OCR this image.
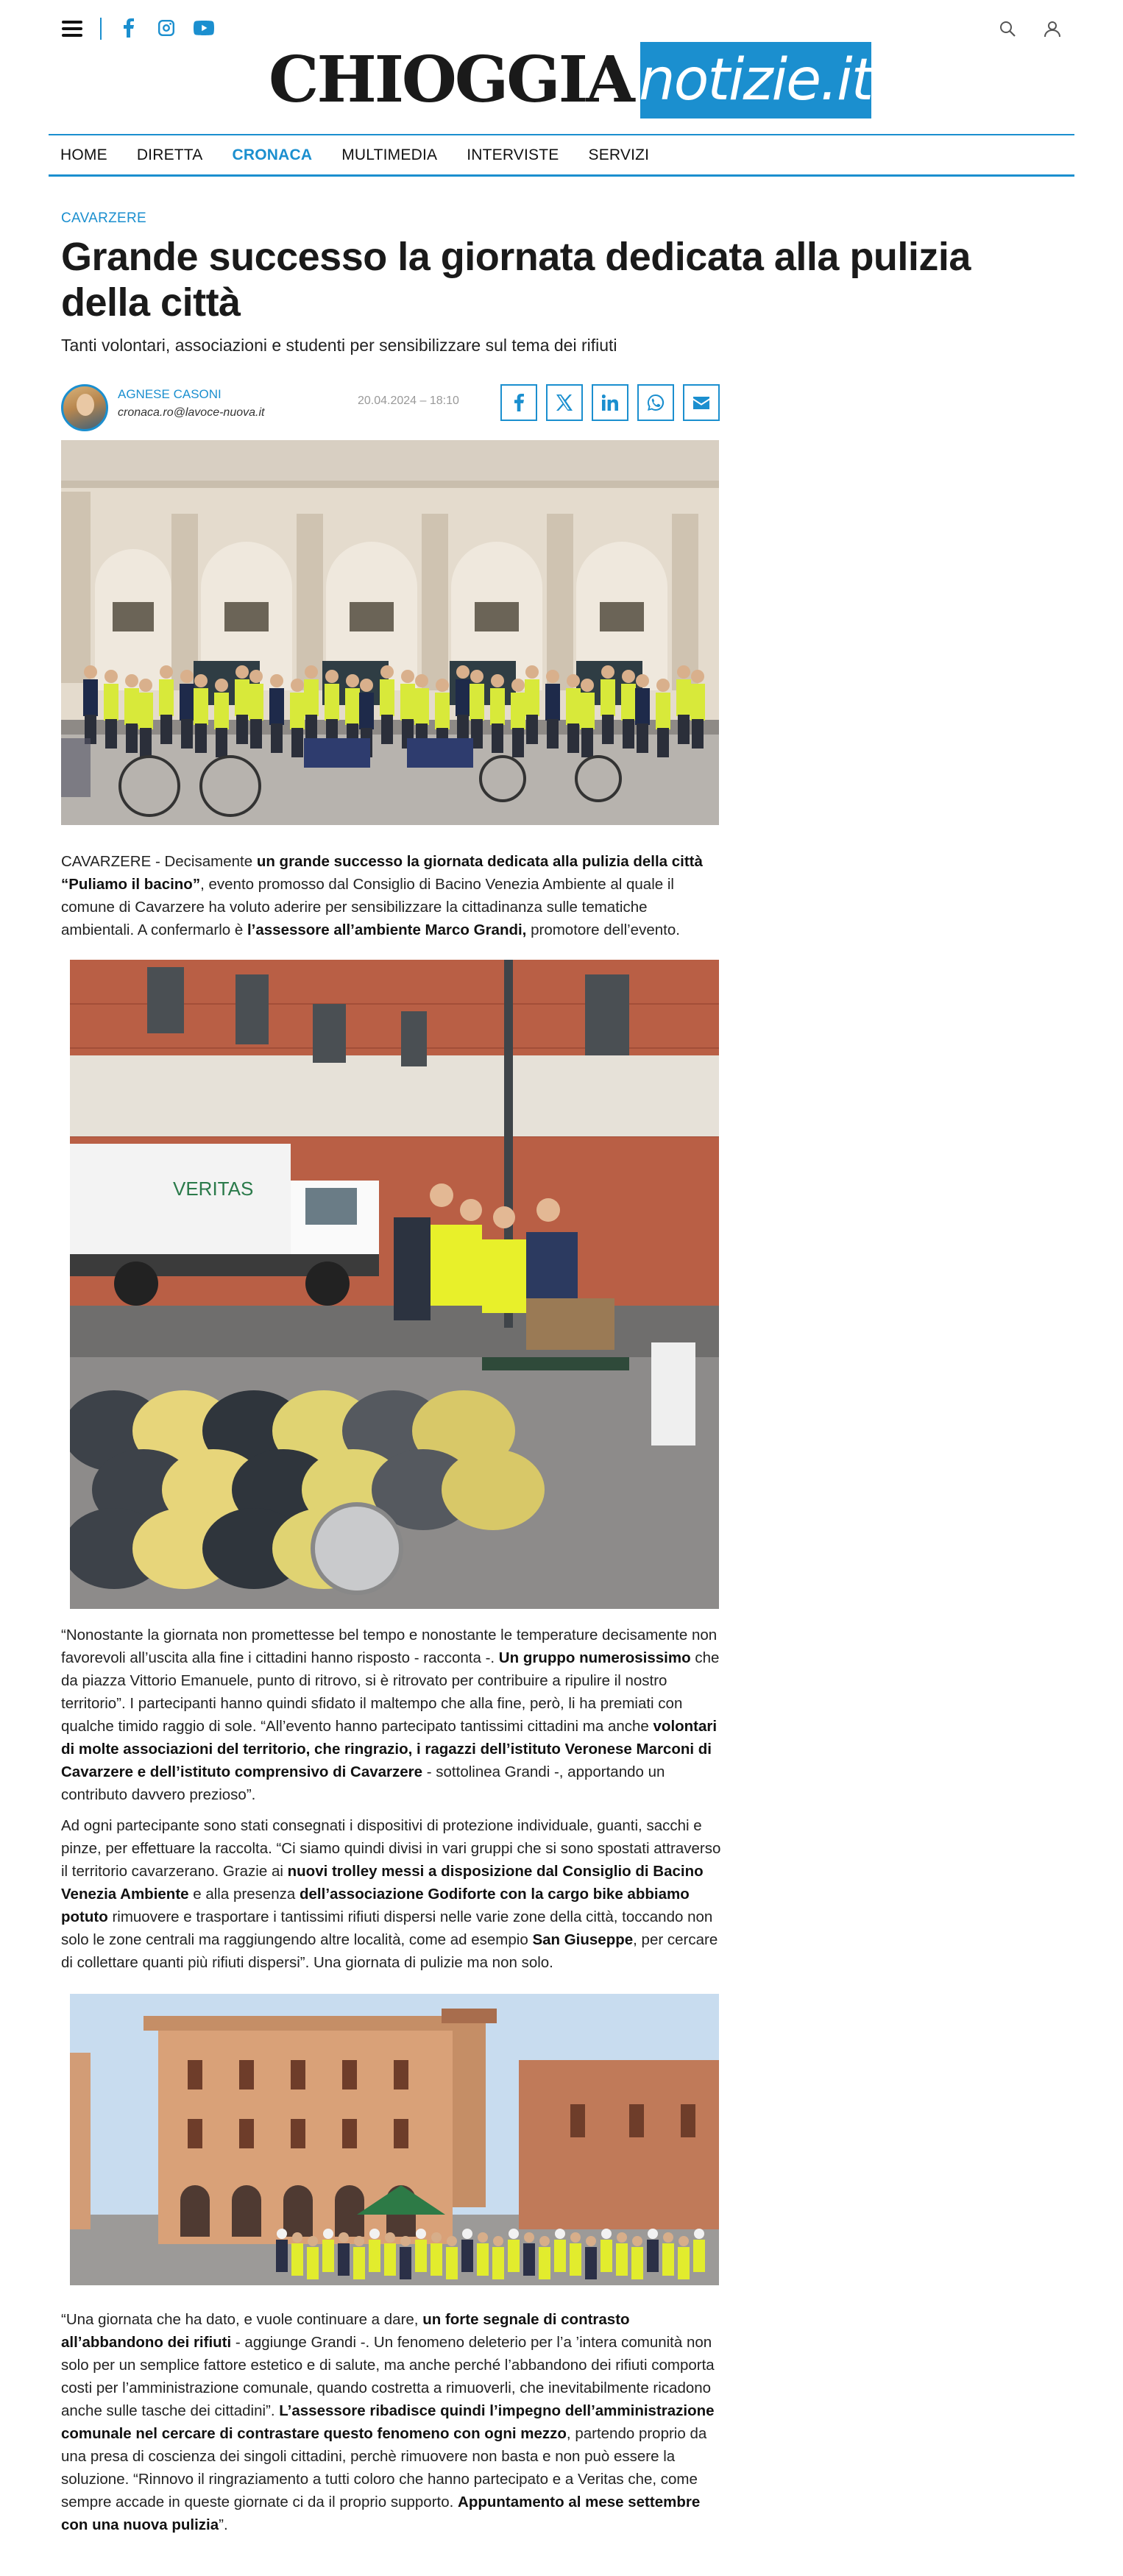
CHIOGGIA notizie.it
HOME DIRETTA CRONACA MULTIMEDIA INTERVISTE SERVIZI
CAVARZERE
Grande successo la giornata dedicata alla pulizia della città

Tanti volontari, associazioni e studenti per sensibilizzare sul tema dei rifiuti

AGNESE CASONI
cronaca.ro@lavoce-nuova.it
20.04.2024 – 18:10
CAVARZERE - Decisamente un grande successo la giornata dedicata alla pulizia della città “Puliamo il bacino”, evento promosso dal Consiglio di Bacino Venezia Ambiente al quale il comune di Cavarzere ha voluto aderire per sensibilizzare la cittadinanza sulle tematiche ambientali. A confermarlo è l’assessore all’ambiente Marco Grandi, promotore dell’evento.
VERITAS
“Nonostante la giornata non promettesse bel tempo e nonostante le temperature decisamente non favorevoli all’uscita alla fine i cittadini hanno risposto - racconta -. Un gruppo numerosissimo che da piazza Vittorio Emanuele, punto di ritrovo, si è ritrovato per contribuire a ripulire il nostro territorio”. I partecipanti hanno quindi sfidato il maltempo che alla fine, però, li ha premiati con qualche timido raggio di sole. “All’evento hanno partecipato tantissimi cittadini ma anche volontari di molte associazioni del territorio, che ringrazio, i ragazzi dell’istituto Veronese Marconi di Cavarzere e dell’istituto comprensivo di Cavarzere - sottolinea Grandi -, apportando un contributo davvero prezioso”.
Ad ogni partecipante sono stati consegnati i dispositivi di protezione individuale, guanti, sacchi e pinze, per effettuare la raccolta. “Ci siamo quindi divisi in vari gruppi che si sono spostati attraverso il territorio cavarzerano. Grazie ai nuovi trolley messi a disposizione dal Consiglio di Bacino Venezia Ambiente e alla presenza dell’associazione Godiforte con la cargo bike abbiamo potuto rimuovere e trasportare i tantissimi rifiuti dispersi nelle varie zone della città, toccando non solo le zone centrali ma raggiungendo altre località, come ad esempio San Giuseppe, per cercare di collettare quanti più rifiuti dispersi”. Una giornata di pulizie ma non solo.
“Una giornata che ha dato, e vuole continuare a dare, un forte segnale di contrasto all’abbandono dei rifiuti - aggiunge Grandi -. Un fenomeno deleterio per l’a ’intera comunità non solo per un semplice fattore estetico e di salute, ma anche perché l’abbandono dei rifiuti comporta costi per l’amministrazione comunale, quando costretta a rimuoverli, che inevitabilmente ricadono anche sulle tasche dei cittadini”. L’assessore ribadisce quindi l’impegno dell’amministrazione comunale nel cercare di contrastare questo fenomeno con ogni mezzo, partendo proprio da una presa di coscienza dei singoli cittadini, perchè rimuovere non basta e non può essere la soluzione. “Rinnovo il ringraziamento a tutti coloro che hanno partecipato e a Veritas che, come sempre accade in queste giornate ci da il proprio supporto. Appuntamento al mese settembre con una nuova pulizia”.
